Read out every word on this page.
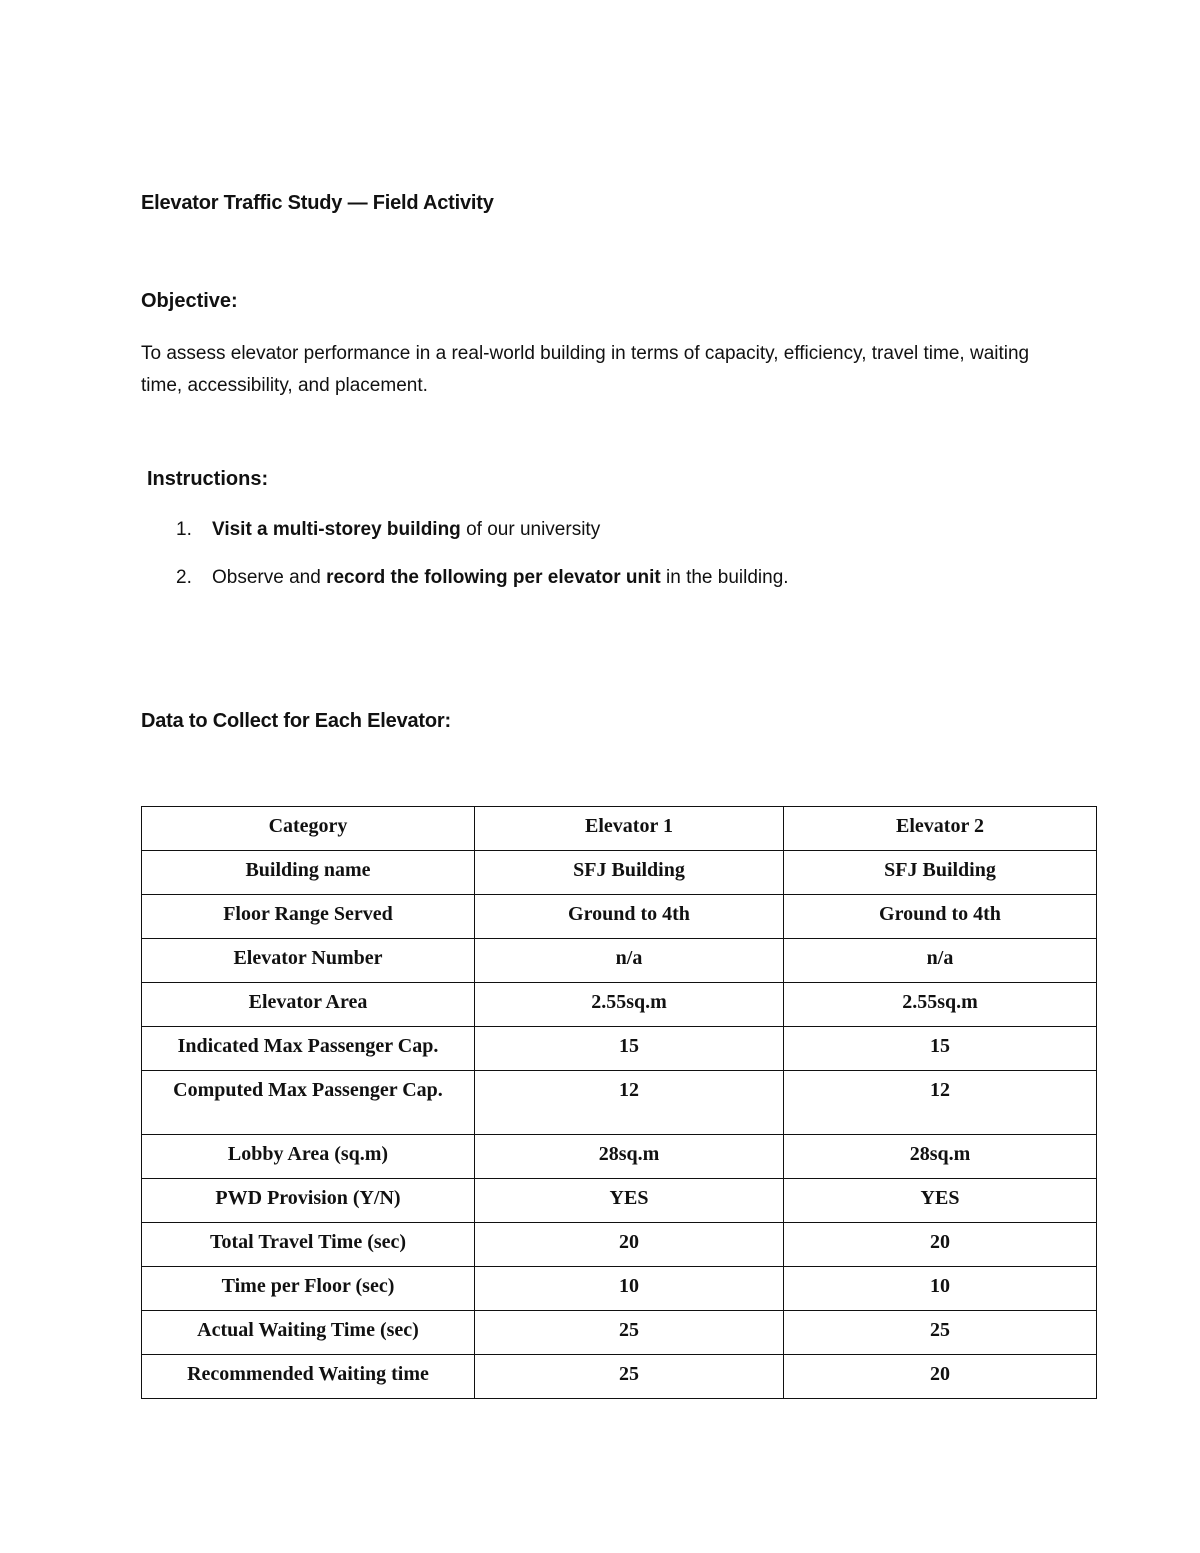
Elevator Traffic Study — Field Activity
Objective:
To assess elevator performance in a real-world building in terms of capacity, efficiency, travel time, waiting time, accessibility, and placement.
Instructions:
1. Visit a multi-storey building of our university
2. Observe and record the following per elevator unit in the building.
Data to Collect for Each Elevator:
Category	Elevator 1	Elevator 2
Building name	SFJ Building	SFJ Building
Floor Range Served	Ground to 4th	Ground to 4th
Elevator Number	n/a	n/a
Elevator Area	2.55sq.m	2.55sq.m
Indicated Max Passenger Cap.	15	15
Computed Max Passenger Cap.	12	12
Lobby Area (sq.m)	28sq.m	28sq.m
PWD Provision (Y/N)	YES	YES
Total Travel Time (sec)	20	20
Time per Floor (sec)	10	10
Actual Waiting Time (sec)	25	25
Recommended Waiting time	25	20
